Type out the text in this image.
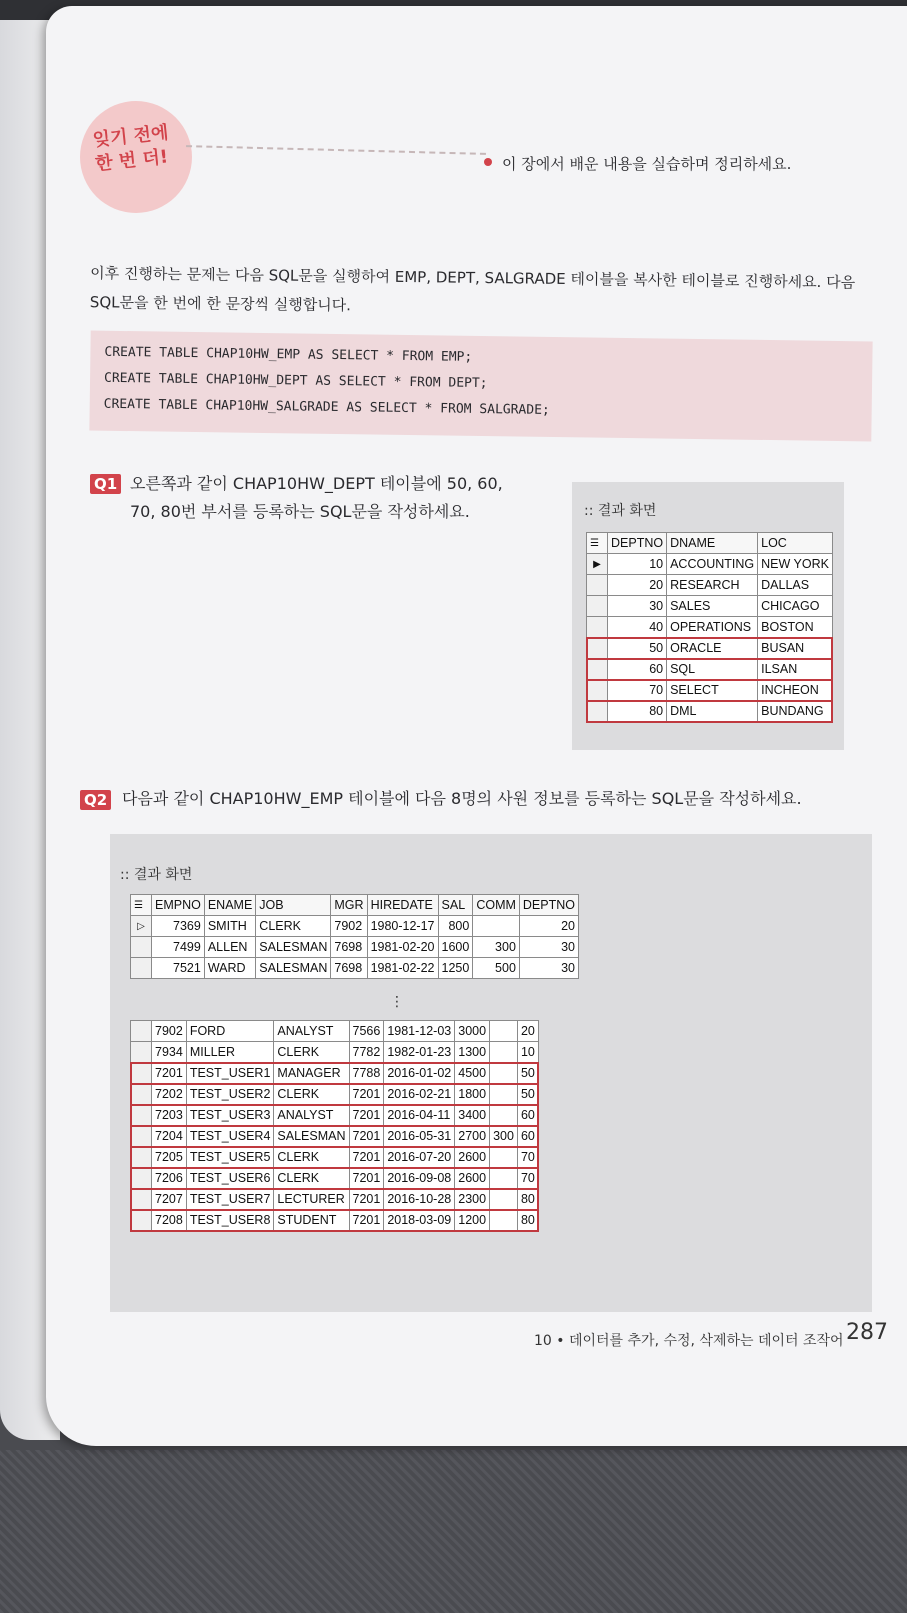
잊기 전에
한 번 더!	이 장에서 배운 내용을 실습하며 정리하세요.
이후 진행하는 문제는 다음 SQL문을 실행하여 EMP, DEPT, SALGRADE 테이블을 복사한 테이블로 진행하세요. 다음 SQL문을 한 번에 한 문장씩 실행합니다.
CREATE TABLE CHAP10HW_EMP AS SELECT * FROM EMP;
CREATE TABLE CHAP10HW_DEPT AS SELECT * FROM DEPT;
CREATE TABLE CHAP10HW_SALGRADE AS SELECT * FROM SALGRADE;
Q1 오른쪽과 같이 CHAP10HW_DEPT 테이블에 50, 60,
70, 80번 부서를 등록하는 SQL문을 작성하세요.	:: 결과 화면
☰	DEPTNO	DNAME	LOC
▶	10	ACCOUNTING	NEW YORK
	20	RESEARCH	DALLAS
	30	SALES	CHICAGO
	40	OPERATIONS	BOSTON
	50	ORACLE	BUSAN
	60	SQL	ILSAN
	70	SELECT	INCHEON
	80	DML	BUNDANG
Q2 다음과 같이 CHAP10HW_EMP 테이블에 다음 8명의 사원 정보를 등록하는 SQL문을 작성하세요.
:: 결과 화면
☰	EMPNO	ENAME	JOB	MGR	HIREDATE	SAL	COMM	DEPTNO
▷	7369	SMITH	CLERK	7902	1980-12-17	800		20
	7499	ALLEN	SALESMAN	7698	1981-02-20	1600	300	30
	7521	WARD	SALESMAN	7698	1981-02-22	1250	500	30
⋮
	7902	FORD	ANALYST	7566	1981-12-03	3000		20
	7934	MILLER	CLERK	7782	1982-01-23	1300		10
	7201	TEST_USER1	MANAGER	7788	2016-01-02	4500		50
	7202	TEST_USER2	CLERK	7201	2016-02-21	1800		50
	7203	TEST_USER3	ANALYST	7201	2016-04-11	3400		60
	7204	TEST_USER4	SALESMAN	7201	2016-05-31	2700	300	60
	7205	TEST_USER5	CLERK	7201	2016-07-20	2600		70
	7206	TEST_USER6	CLERK	7201	2016-09-08	2600		70
	7207	TEST_USER7	LECTURER	7201	2016-10-28	2300		80
	7208	TEST_USER8	STUDENT	7201	2018-03-09	1200		80
10 • 데이터를 추가, 수정, 삭제하는 데이터 조작어 287
